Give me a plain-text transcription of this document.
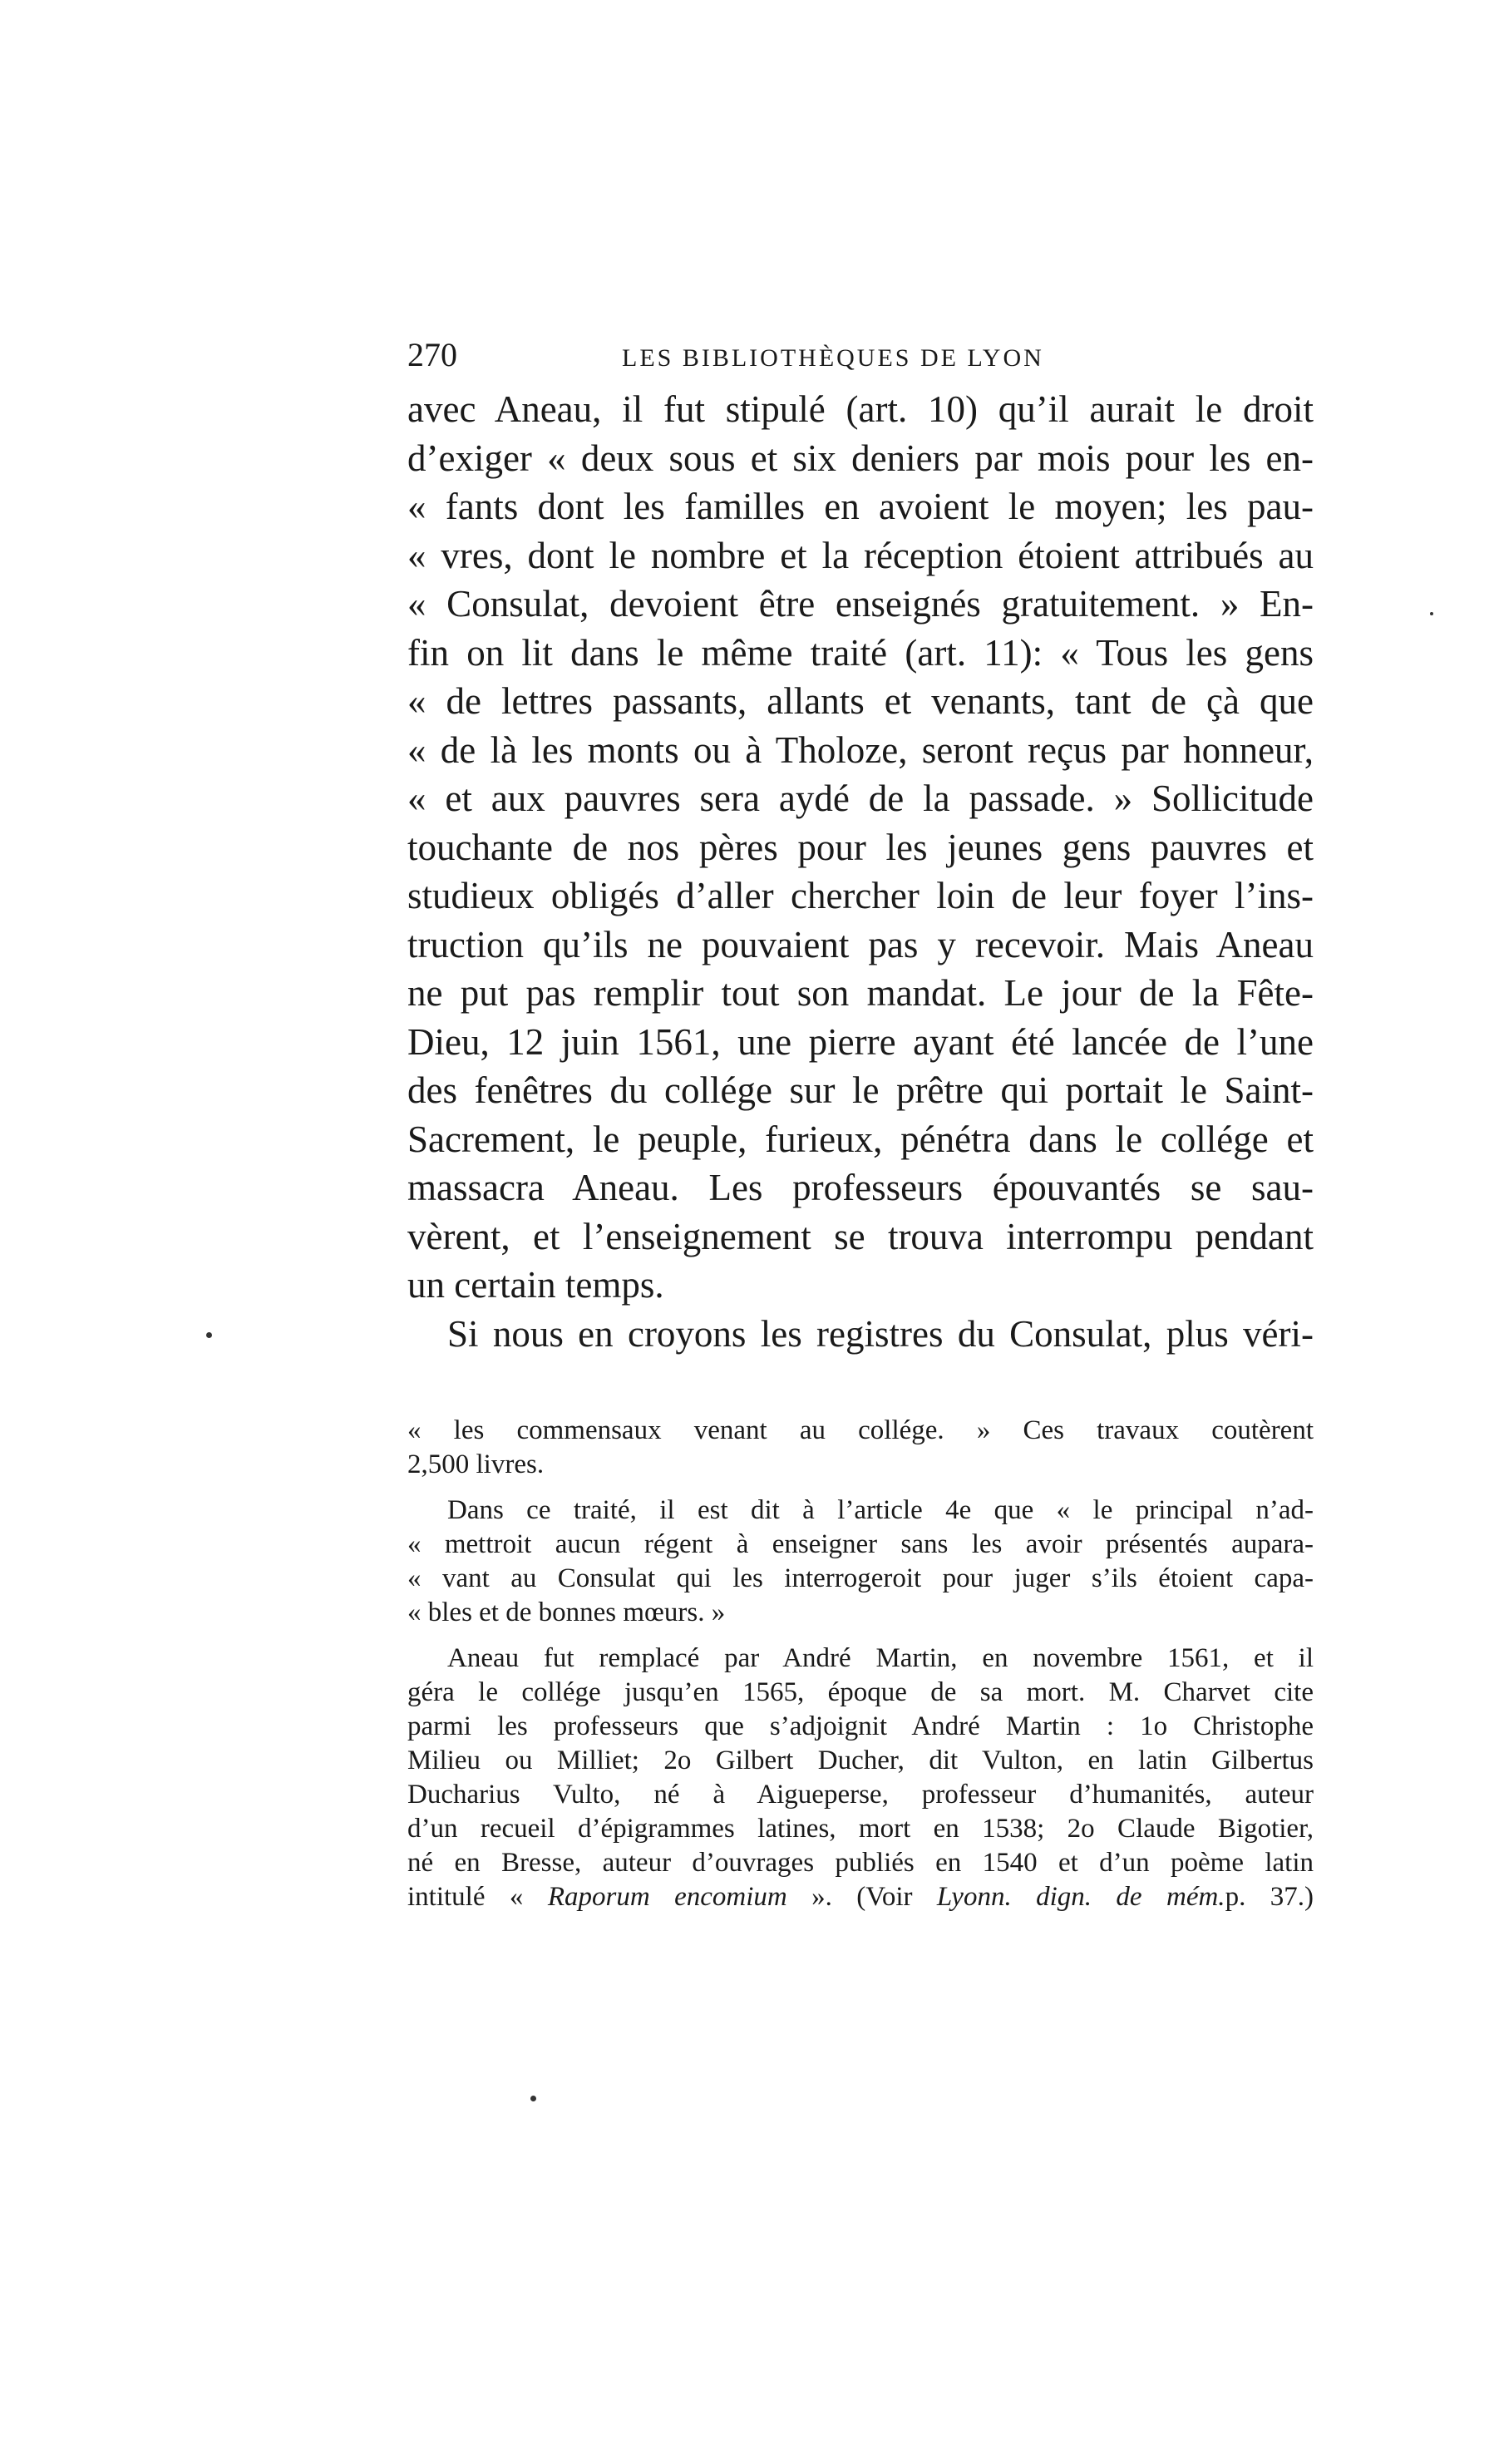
270	LES BIBLIOTHÈQUES DE LYON
avec Aneau, il fut stipulé (art. 10) qu’il aurait le droit
d’exiger « deux sous et six deniers par mois pour les en-
« fants dont les familles en avoient le moyen; les pau-
« vres, dont le nombre et la réception étoient attribués au
« Consulat, devoient être enseignés gratuitement. » En-
fin on lit dans le même traité (art. 11): « Tous les gens
« de lettres passants, allants et venants, tant de çà que
« de là les monts ou à Tholoze, seront reçus par honneur,
« et aux pauvres sera aydé de la passade. » Sollicitude
touchante de nos pères pour les jeunes gens pauvres et
studieux obligés d’aller chercher loin de leur foyer l’ins-
truction qu’ils ne pouvaient pas y recevoir. Mais Aneau
ne put pas remplir tout son mandat. Le jour de la Fête-
Dieu, 12 juin 1561, une pierre ayant été lancée de l’une
des fenêtres du collége sur le prêtre qui portait le Saint-
Sacrement, le peuple, furieux, pénétra dans le collége et
massacra Aneau. Les professeurs épouvantés se sau-
vèrent, et l’enseignement se trouva interrompu pendant
un certain temps.
Si nous en croyons les registres du Consulat, plus véri-
« les commensaux venant au collége. » Ces travaux coutèrent
2,500 livres.
Dans ce traité, il est dit à l’article 4e que « le principal n’ad-
« mettroit aucun régent à enseigner sans les avoir présentés aupara-
« vant au Consulat qui les interrogeroit pour juger s’ils étoient capa-
« bles et de bonnes mœurs. »
Aneau fut remplacé par André Martin, en novembre 1561, et il
géra le collége jusqu’en 1565, époque de sa mort. M. Charvet cite
parmi les professeurs que s’adjoignit André Martin : 1o Christophe
Milieu ou Milliet; 2o Gilbert Ducher, dit Vulton, en latin Gilbertus
Ducharius Vulto, né à Aigueperse, professeur d’humanités, auteur
d’un recueil d’épigrammes latines, mort en 1538; 2o Claude Bigotier,
né en Bresse, auteur d’ouvrages publiés en 1540 et d’un poème latin
intitulé « Raporum encomium ». (Voir Lyonn. dign. de mém.p. 37.)
